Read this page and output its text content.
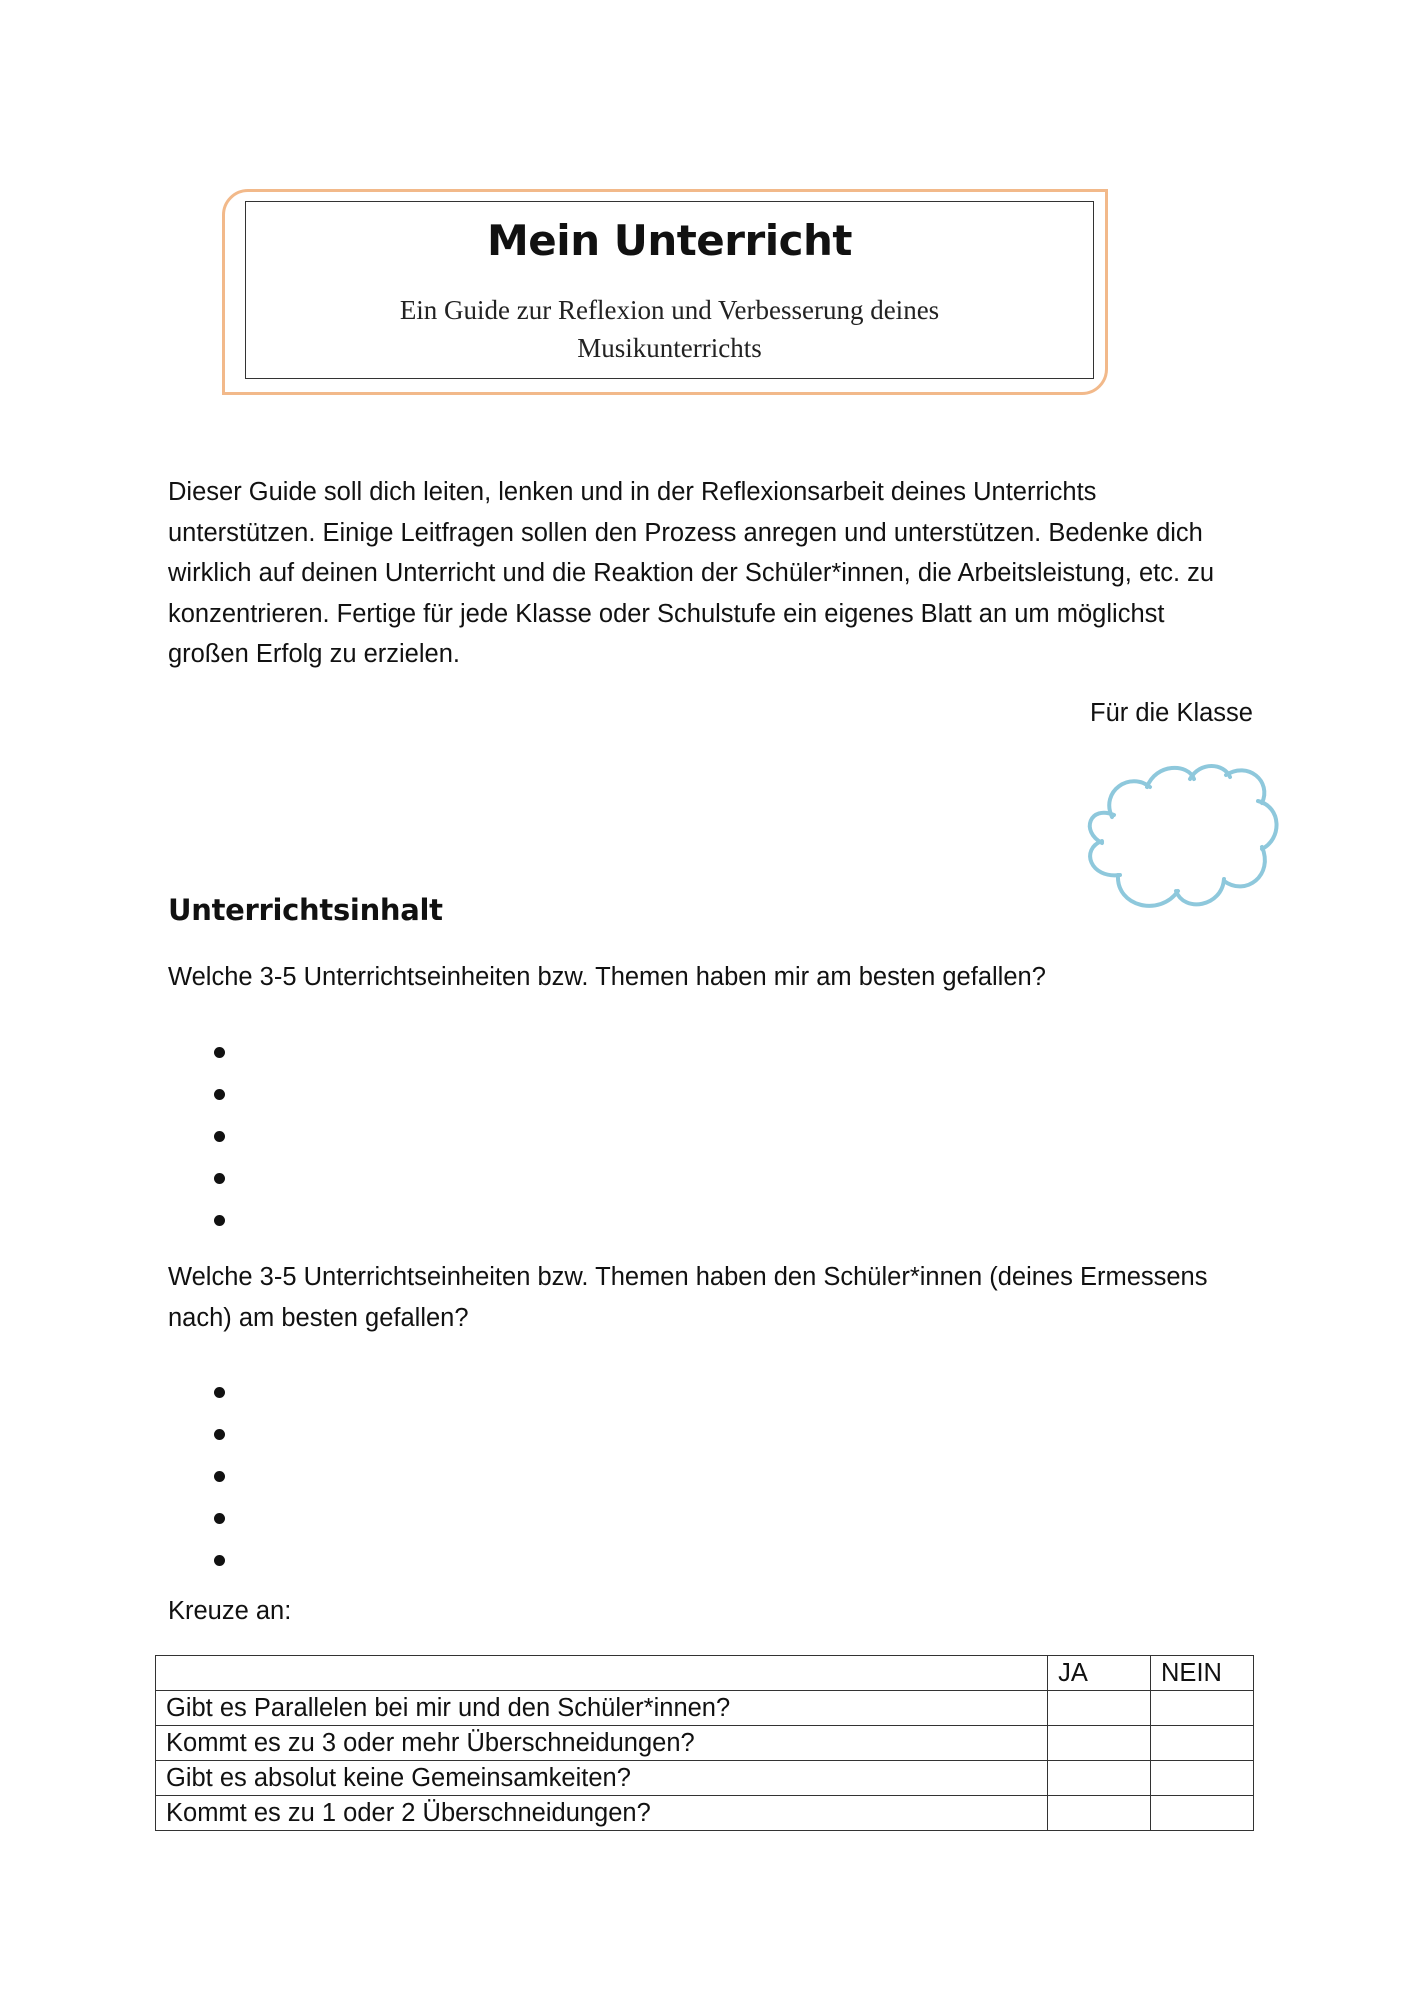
Mein Unterricht
Ein Guide zur Reflexion und Verbesserung deines Musikunterrichts
Dieser Guide soll dich leiten, lenken und in der Reflexionsarbeit deines Unterrichts unterstützen. Einige Leitfragen sollen den Prozess anregen und unterstützen. Bedenke dich wirklich auf deinen Unterricht und die Reaktion der Schüler*innen, die Arbeitsleistung, etc. zu konzentrieren. Fertige für jede Klasse oder Schulstufe ein eigenes Blatt an um möglichst großen Erfolg zu erzielen.
Für die Klasse
Unterrichtsinhalt
Welche 3-5 Unterrichtseinheiten bzw. Themen haben mir am besten gefallen?
Welche 3-5 Unterrichtseinheiten bzw. Themen haben den Schüler*innen (deines Ermessens nach) am besten gefallen?
Kreuze an:
	JA	NEIN
Gibt es Parallelen bei mir und den Schüler*innen?		
Kommt es zu 3 oder mehr Überschneidungen?		
Gibt es absolut keine Gemeinsamkeiten?		
Kommt es zu 1 oder 2 Überschneidungen?		
